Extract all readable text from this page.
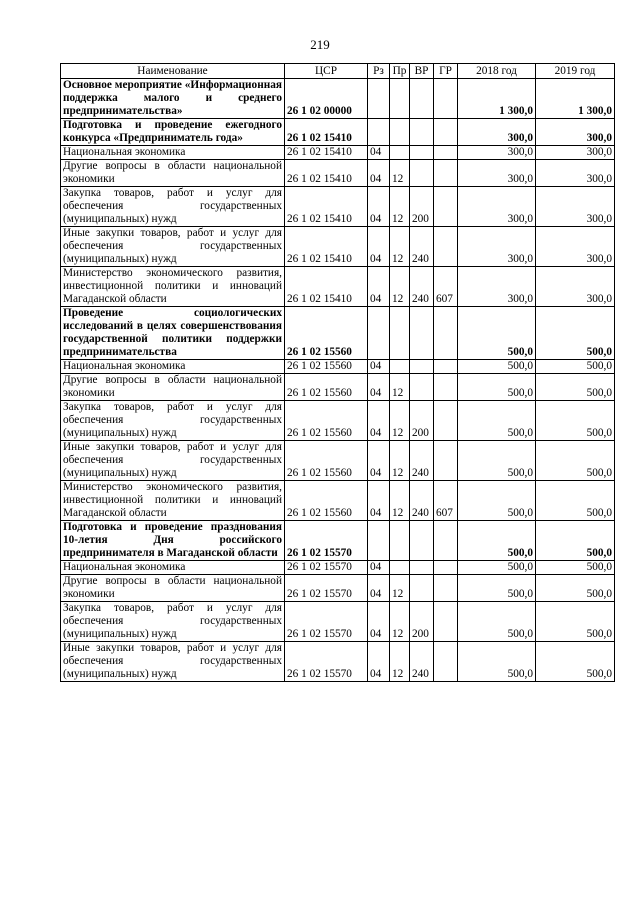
219
Наименование	ЦСР	Рз	Пр	ВР	ГР	2018 год	2019 год
Основное мероприятие «Информационная поддержка малого и среднего предпринимательства»	26 1 02 00000					1 300,0	1 300,0
Подготовка и проведение ежегодного конкурса «Предприниматель года»	26 1 02 15410					300,0	300,0
Национальная экономика	26 1 02 15410	04				300,0	300,0
Другие вопросы в области национальной экономики	26 1 02 15410	04	12			300,0	300,0
Закупка товаров, работ и услуг для обеспечения государственных (муниципальных) нужд	26 1 02 15410	04	12	200		300,0	300,0
Иные закупки товаров, работ и услуг для обеспечения государственных (муниципальных) нужд	26 1 02 15410	04	12	240		300,0	300,0
Министерство экономического развития, инвестиционной политики и инноваций Магаданской области	26 1 02 15410	04	12	240	607	300,0	300,0
Проведение социологических исследований в целях совершенствования государственной политики поддержки предпринимательства	26 1 02 15560					500,0	500,0
Национальная экономика	26 1 02 15560	04				500,0	500,0
Другие вопросы в области национальной экономики	26 1 02 15560	04	12			500,0	500,0
Закупка товаров, работ и услуг для обеспечения государственных (муниципальных) нужд	26 1 02 15560	04	12	200		500,0	500,0
Иные закупки товаров, работ и услуг для обеспечения государственных (муниципальных) нужд	26 1 02 15560	04	12	240		500,0	500,0
Министерство экономического развития, инвестиционной политики и инноваций Магаданской области	26 1 02 15560	04	12	240	607	500,0	500,0
Подготовка и проведение празднования 10-летия Дня российского предпринимателя в Магаданской области	26 1 02 15570					500,0	500,0
Национальная экономика	26 1 02 15570	04				500,0	500,0
Другие вопросы в области национальной экономики	26 1 02 15570	04	12			500,0	500,0
Закупка товаров, работ и услуг для обеспечения государственных (муниципальных) нужд	26 1 02 15570	04	12	200		500,0	500,0
Иные закупки товаров, работ и услуг для обеспечения государственных (муниципальных) нужд	26 1 02 15570	04	12	240		500,0	500,0
